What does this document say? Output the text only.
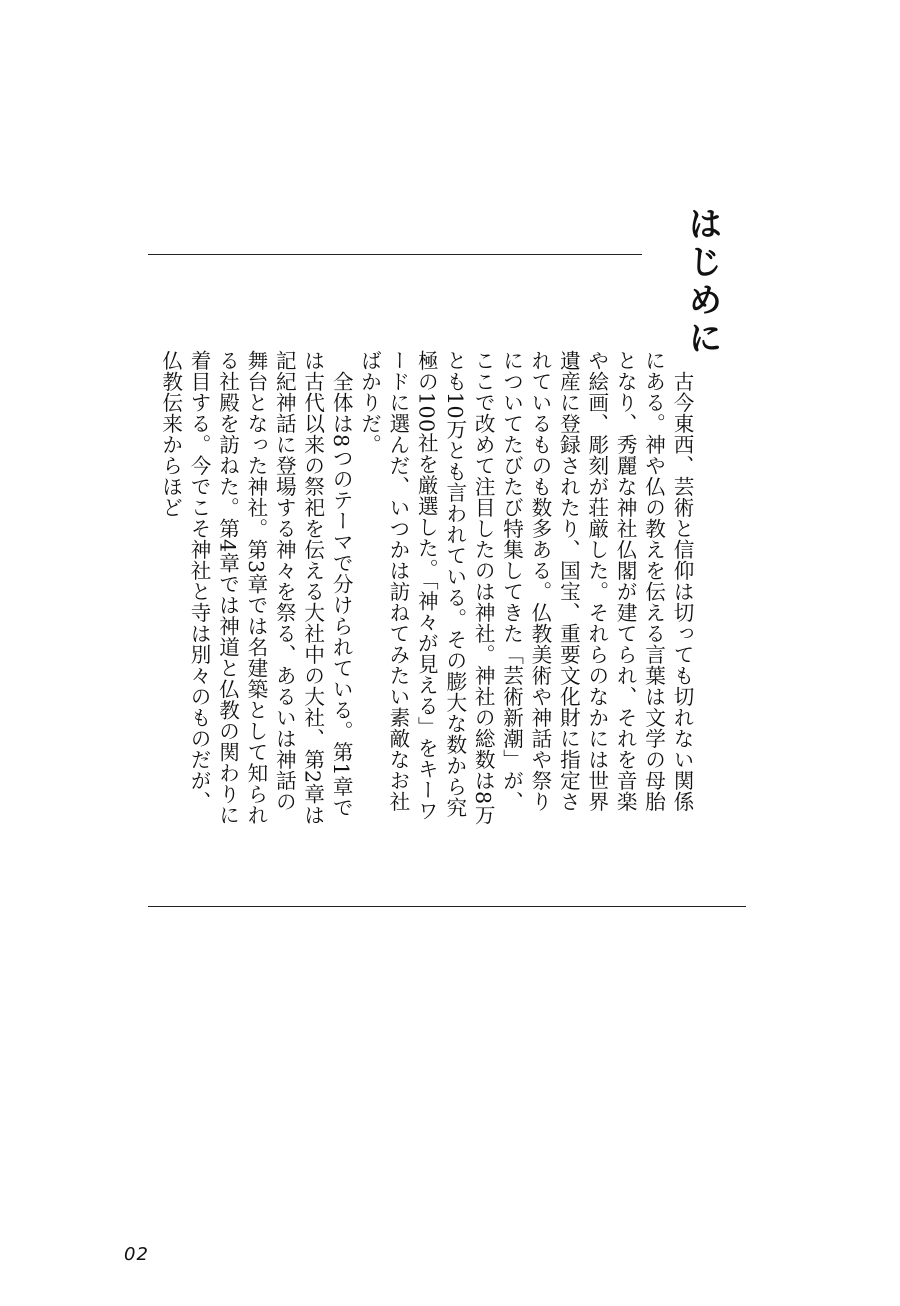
はじめに

古今東西、芸術と信仰は切っても切れない関係にある。神や仏の教えを伝える言葉は文学の母胎となり、秀麗な神社仏閣が建てられ、それを音楽や絵画、彫刻が荘厳した。それらのなかには世界遺産に登録されたり、国宝、重要文化財に指定されているものも数多ある。仏教美術や神話や祭りについてたびたび特集してきた「芸術新潮」が、ここで改めて注目したのは神社。神社の総数は8万とも10万とも言われている。その膨大な数から究極の100社を厳選した。「神々が見える」をキーワードに選んだ、いつかは訪ねてみたい素敵なお社ばかりだ。

全体は8つのテーマで分けられている。第1章では古代以来の祭祀を伝える大社中の大社、第2章は記紀神話に登場する神々を祭る、あるいは神話の舞台となった神社。第3章では名建築として知られる社殿を訪ねた。第4章では神道と仏教の関わりに着目する。今でこそ神社と寺は別々のものだが、仏教伝来からほど

02
